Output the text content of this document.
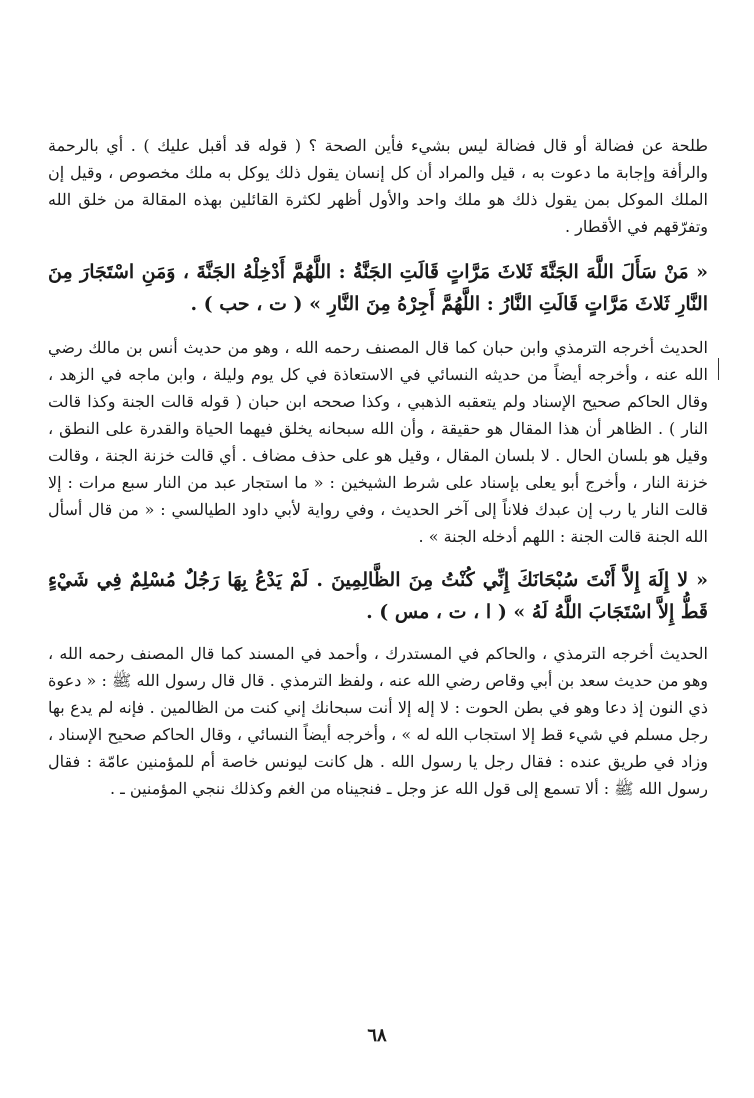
طلحة عن فضالة أو قال فضالة ليس بشيء فأين الصحة ؟ ( قوله قد أقبل عليك ) . أي بالرحمة والرأفة وإجابة ما دعوت به ، قيل والمراد أن كل إنسان يقول ذلك يوكل به ملك مخصوص ، وقيل إن الملك الموكل بمن يقول ذلك هو ملك واحد والأول أظهر لكثرة القائلين بهذه المقالة من خلق الله وتفرّقهم في الأقطار .

« مَنْ سَأَلَ اللَّهَ الجَنَّةَ ثَلاثَ مَرَّاتٍ قَالَتِ الجَنَّةُ : اللَّهُمَّ أَدْخِلْهُ الجَنَّةَ ، وَمَنِ اسْتَجَارَ مِنَ النَّارِ ثَلاثَ مَرَّاتٍ قَالَتِ النَّارُ : اللَّهُمَّ أَجِرْهُ مِنَ النَّارِ » ( ت ، حب ) .

الحديث أخرجه الترمذي وابن حبان كما قال المصنف رحمه الله ، وهو من حديث أنس بن مالك رضي الله عنه ، وأخرجه أيضاً من حديثه النسائي في الاستعاذة في كل يوم وليلة ، وابن ماجه في الزهد ، وقال الحاكم صحيح الإسناد ولم يتعقبه الذهبي ، وكذا صححه ابن حبان ( قوله قالت الجنة وكذا قالت النار ) . الظاهر أن هذا المقال هو حقيقة ، وأن الله سبحانه يخلق فيهما الحياة والقدرة على النطق ، وقيل هو بلسان الحال . لا بلسان المقال ، وقيل هو على حذف مضاف . أي قالت خزنة الجنة ، وقالت خزنة النار ، وأخرج أبو يعلى بإسناد على شرط الشيخين : « ما استجار عبد من النار سبع مرات : إلا قالت النار يا رب إن عبدك فلاناً إلى آخر الحديث ، وفي رواية لأبي داود الطيالسي : « من قال أسأل الله الجنة قالت الجنة : اللهم أدخله الجنة » .

« لا إِلَهَ إِلاَّ أَنْتَ سُبْحَانَكَ إِنِّي كُنْتُ مِنَ الظَّالِمِينَ . لَمْ يَدْعُ بِهَا رَجُلٌ مُسْلِمٌ فِي شَيْءٍ قَطُّ إِلاَّ اسْتَجَابَ اللَّهُ لَهُ » ( ا ، ت ، مس ) .

الحديث أخرجه الترمذي ، والحاكم في المستدرك ، وأحمد في المسند كما قال المصنف رحمه الله ، وهو من حديث سعد بن أبي وقاص رضي الله عنه ، ولفظ الترمذي . قال قال رسول الله ﷺ : « دعوة ذي النون إذ دعا وهو في بطن الحوت : لا إله إلا أنت سبحانك إني كنت من الظالمين . فإنه لم يدع بها رجل مسلم في شيء قط إلا استجاب الله له » ، وأخرجه أيضاً النسائي ، وقال الحاكم صحيح الإسناد ، وزاد في طريق عنده : فقال رجل يا رسول الله . هل كانت ليونس خاصة أم للمؤمنين عامّة : فقال رسول الله ﷺ : ألا تسمع إلى قول الله عز وجل ـ فنجيناه من الغم وكذلك ننجي المؤمنين ـ .

٦٨
